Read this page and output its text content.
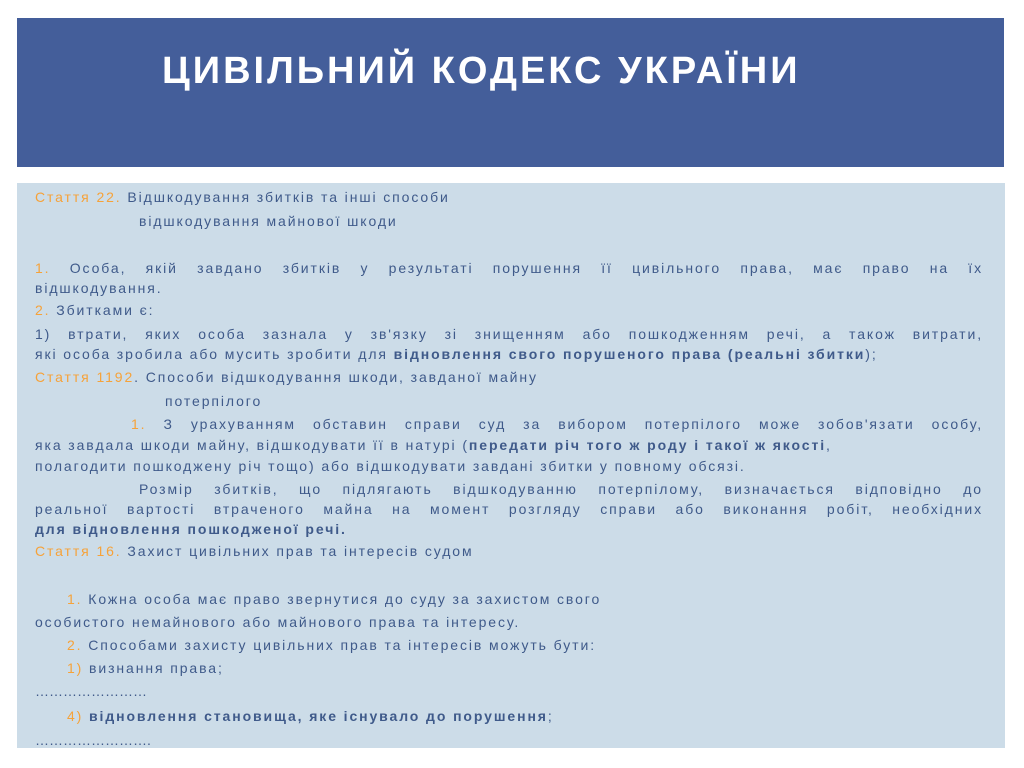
ЦИВІЛЬНИЙ КОДЕКС УКРАЇНИ
Стаття 22. Відшкодування збитків та інші способи
відшкодування майнової шкоди
1. Особа, якій завдано збитків у результаті порушення її цивільного права, має право на їх
відшкодування.
2. Збитками є:
1) втрати, яких особа зазнала у зв'язку зі знищенням або пошкодженням речі, а також витрати,
які особа зробила або мусить зробити для відновлення свого порушеного права (реальні збитки);
Стаття 1192. Способи відшкодування шкоди, завданої майну
потерпілого
1. З урахуванням обставин справи суд за вибором потерпілого може зобов'язати особу,
яка завдала шкоди майну, відшкодувати її в натурі (передати річ того ж роду і такої ж якості,
полагодити пошкоджену річ тощо) або відшкодувати завдані збитки у повному обсязі.
Розмір збитків, що підлягають відшкодуванню потерпілому, визначається відповідно до
реальної вартості втраченого майна на момент розгляду справи або виконання робіт, необхідних
для відновлення пошкодженої речі.
Стаття 16. Захист цивільних прав та інтересів судом
1. Кожна особа має право звернутися до суду за захистом свого
особистого немайнового або майнового права та інтересу.
2. Способами захисту цивільних прав та інтересів можуть бути:
1) визнання права;
……………………
4) відновлення становища, яке існувало до порушення;
…………………….
